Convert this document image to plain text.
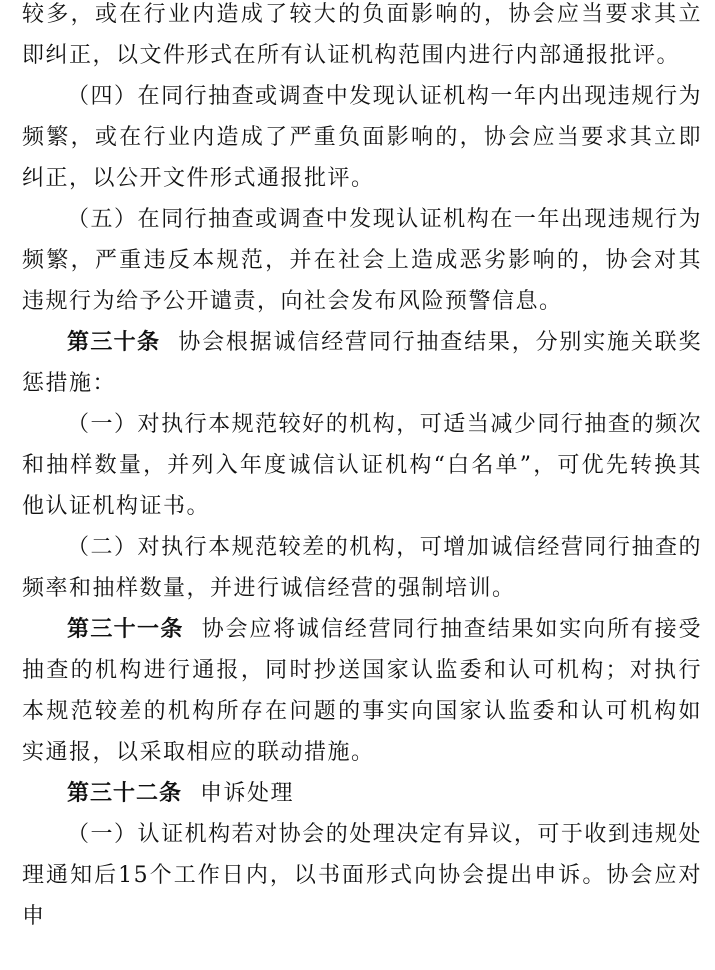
较多，或在行业内造成了较大的负面影响的，协会应当要求其立即纠正，以文件形式在所有认证机构范围内进行内部通报批评。

（四）在同行抽查或调查中发现认证机构一年内出现违规行为频繁，或在行业内造成了严重负面影响的，协会应当要求其立即纠正，以公开文件形式通报批评。

（五）在同行抽查或调查中发现认证机构在一年出现违规行为频繁，严重违反本规范，并在社会上造成恶劣影响的，协会对其违规行为给予公开谴责，向社会发布风险预警信息。

第三十条 协会根据诚信经营同行抽查结果，分别实施关联奖惩措施：

（一）对执行本规范较好的机构，可适当减少同行抽查的频次和抽样数量，并列入年度诚信认证机构“白名单”，可优先转换其他认证机构证书。

（二）对执行本规范较差的机构，可增加诚信经营同行抽查的频率和抽样数量，并进行诚信经营的强制培训。

第三十一条 协会应将诚信经营同行抽查结果如实向所有接受抽查的机构进行通报，同时抄送国家认监委和认可机构；对执行本规范较差的机构所存在问题的事实向国家认监委和认可机构如实通报，以采取相应的联动措施。

第三十二条 申诉处理

（一）认证机构若对协会的处理决定有异议，可于收到违规处理通知后15个工作日内，以书面形式向协会提出申诉。协会应对申
